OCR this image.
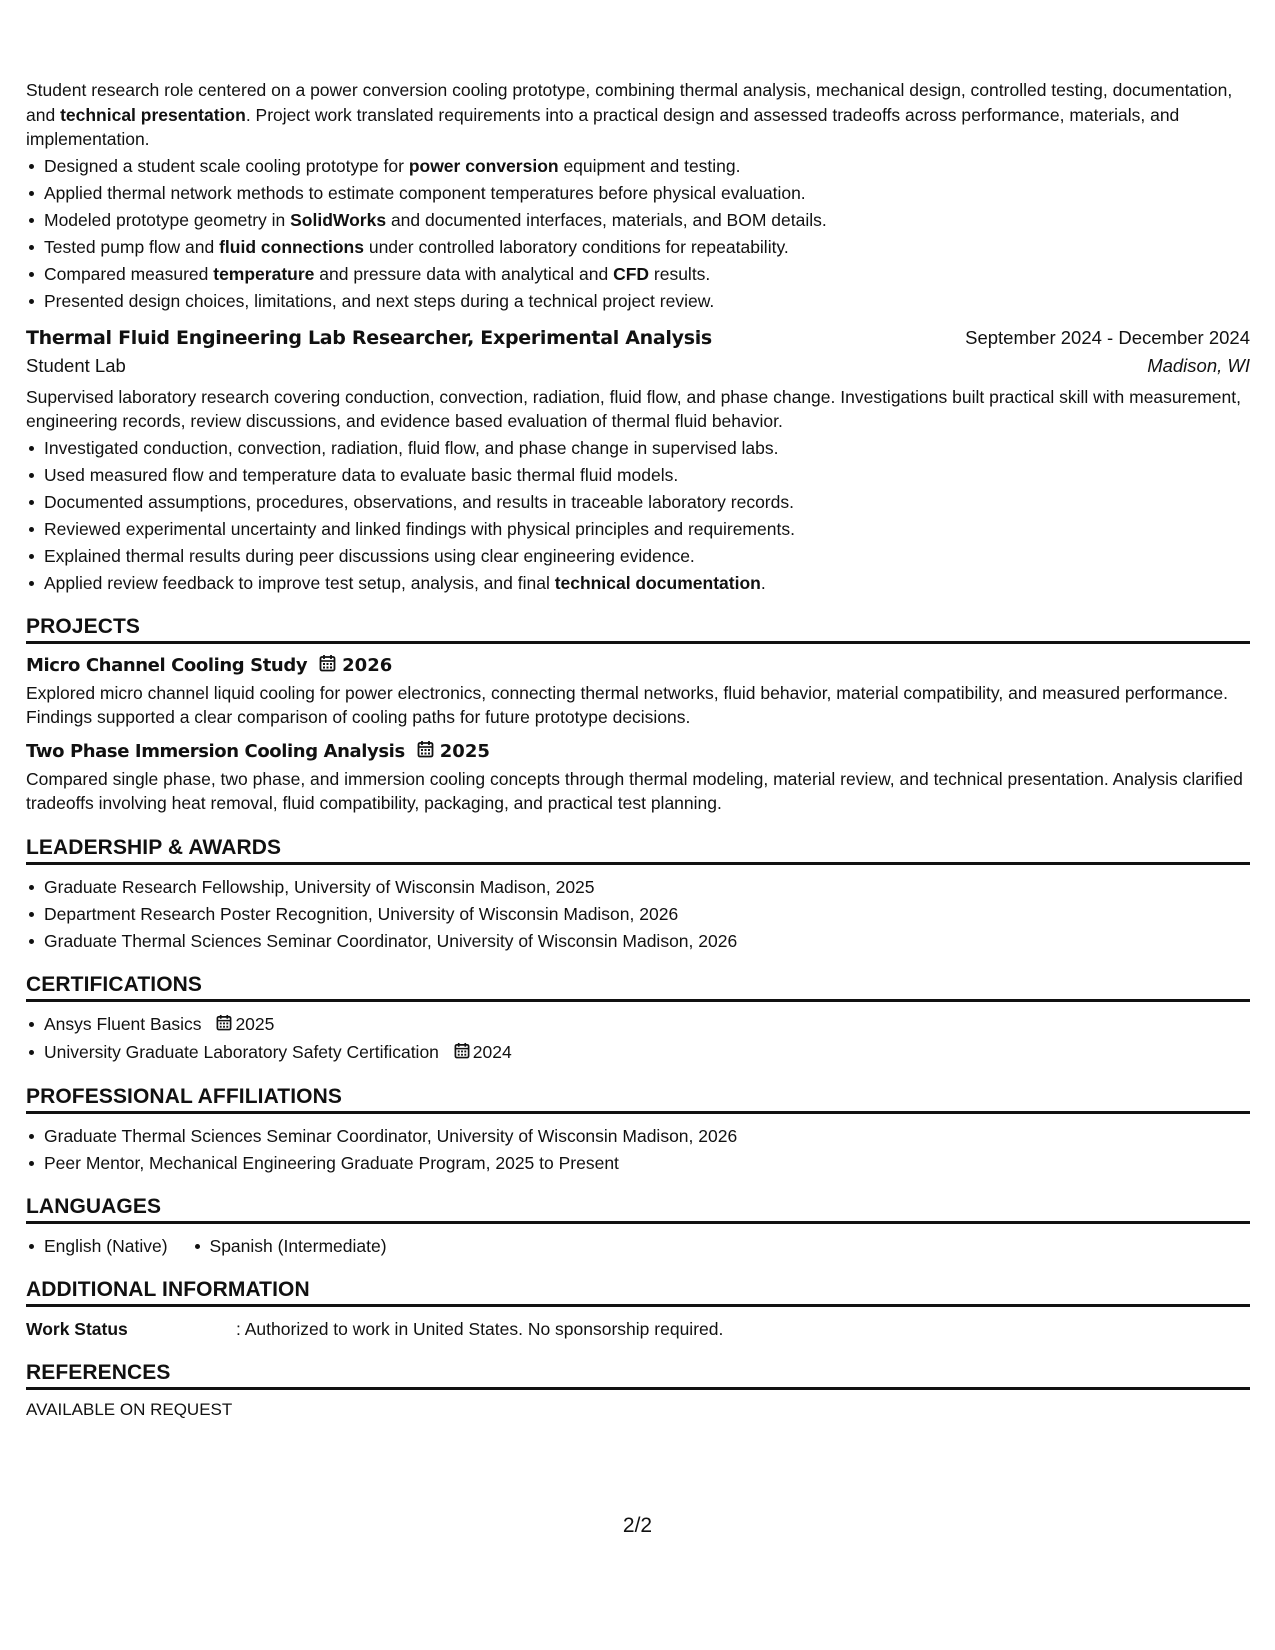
Student research role centered on a power conversion cooling prototype, combining thermal analysis, mechanical design, controlled testing, documentation, and technical presentation. Project work translated requirements into a practical design and assessed tradeoffs across performance, materials, and implementation.

Designed a student scale cooling prototype for power conversion equipment and testing.
Applied thermal network methods to estimate component temperatures before physical evaluation.
Modeled prototype geometry in SolidWorks and documented interfaces, materials, and BOM details.
Tested pump flow and fluid connections under controlled laboratory conditions for repeatability.
Compared measured temperature and pressure data with analytical and CFD results.
Presented design choices, limitations, and next steps during a technical project review.
Thermal Fluid Engineering Lab Researcher, Experimental Analysis	September 2024 - December 2024
Student Lab	Madison, WI

Supervised laboratory research covering conduction, convection, radiation, fluid flow, and phase change. Investigations built practical skill with measurement, engineering records, review discussions, and evidence based evaluation of thermal fluid behavior.

Investigated conduction, convection, radiation, fluid flow, and phase change in supervised labs.
Used measured flow and temperature data to evaluate basic thermal fluid models.
Documented assumptions, procedures, observations, and results in traceable laboratory records.
Reviewed experimental uncertainty and linked findings with physical principles and requirements.
Explained thermal results during peer discussions using clear engineering evidence.
Applied review feedback to improve test setup, analysis, and final technical documentation.
PROJECTS
Micro Channel Cooling Study 2026

Explored micro channel liquid cooling for power electronics, connecting thermal networks, fluid behavior, material compatibility, and measured performance. Findings supported a clear comparison of cooling paths for future prototype decisions.

Two Phase Immersion Cooling Analysis 2025

Compared single phase, two phase, and immersion cooling concepts through thermal modeling, material review, and technical presentation. Analysis clarified tradeoffs involving heat removal, fluid compatibility, packaging, and practical test planning.

LEADERSHIP & AWARDS
Graduate Research Fellowship, University of Wisconsin Madison, 2025
Department Research Poster Recognition, University of Wisconsin Madison, 2026
Graduate Thermal Sciences Seminar Coordinator, University of Wisconsin Madison, 2026
CERTIFICATIONS
Ansys Fluent Basics 2025
University Graduate Laboratory Safety Certification 2024
PROFESSIONAL AFFILIATIONS
Graduate Thermal Sciences Seminar Coordinator, University of Wisconsin Madison, 2026
Peer Mentor, Mechanical Engineering Graduate Program, 2025 to Present
LANGUAGES
English (Native)	Spanish (Intermediate)
ADDITIONAL INFORMATION
Work Status	: Authorized to work in United States. No sponsorship required.
REFERENCES
AVAILABLE ON REQUEST
2/2
